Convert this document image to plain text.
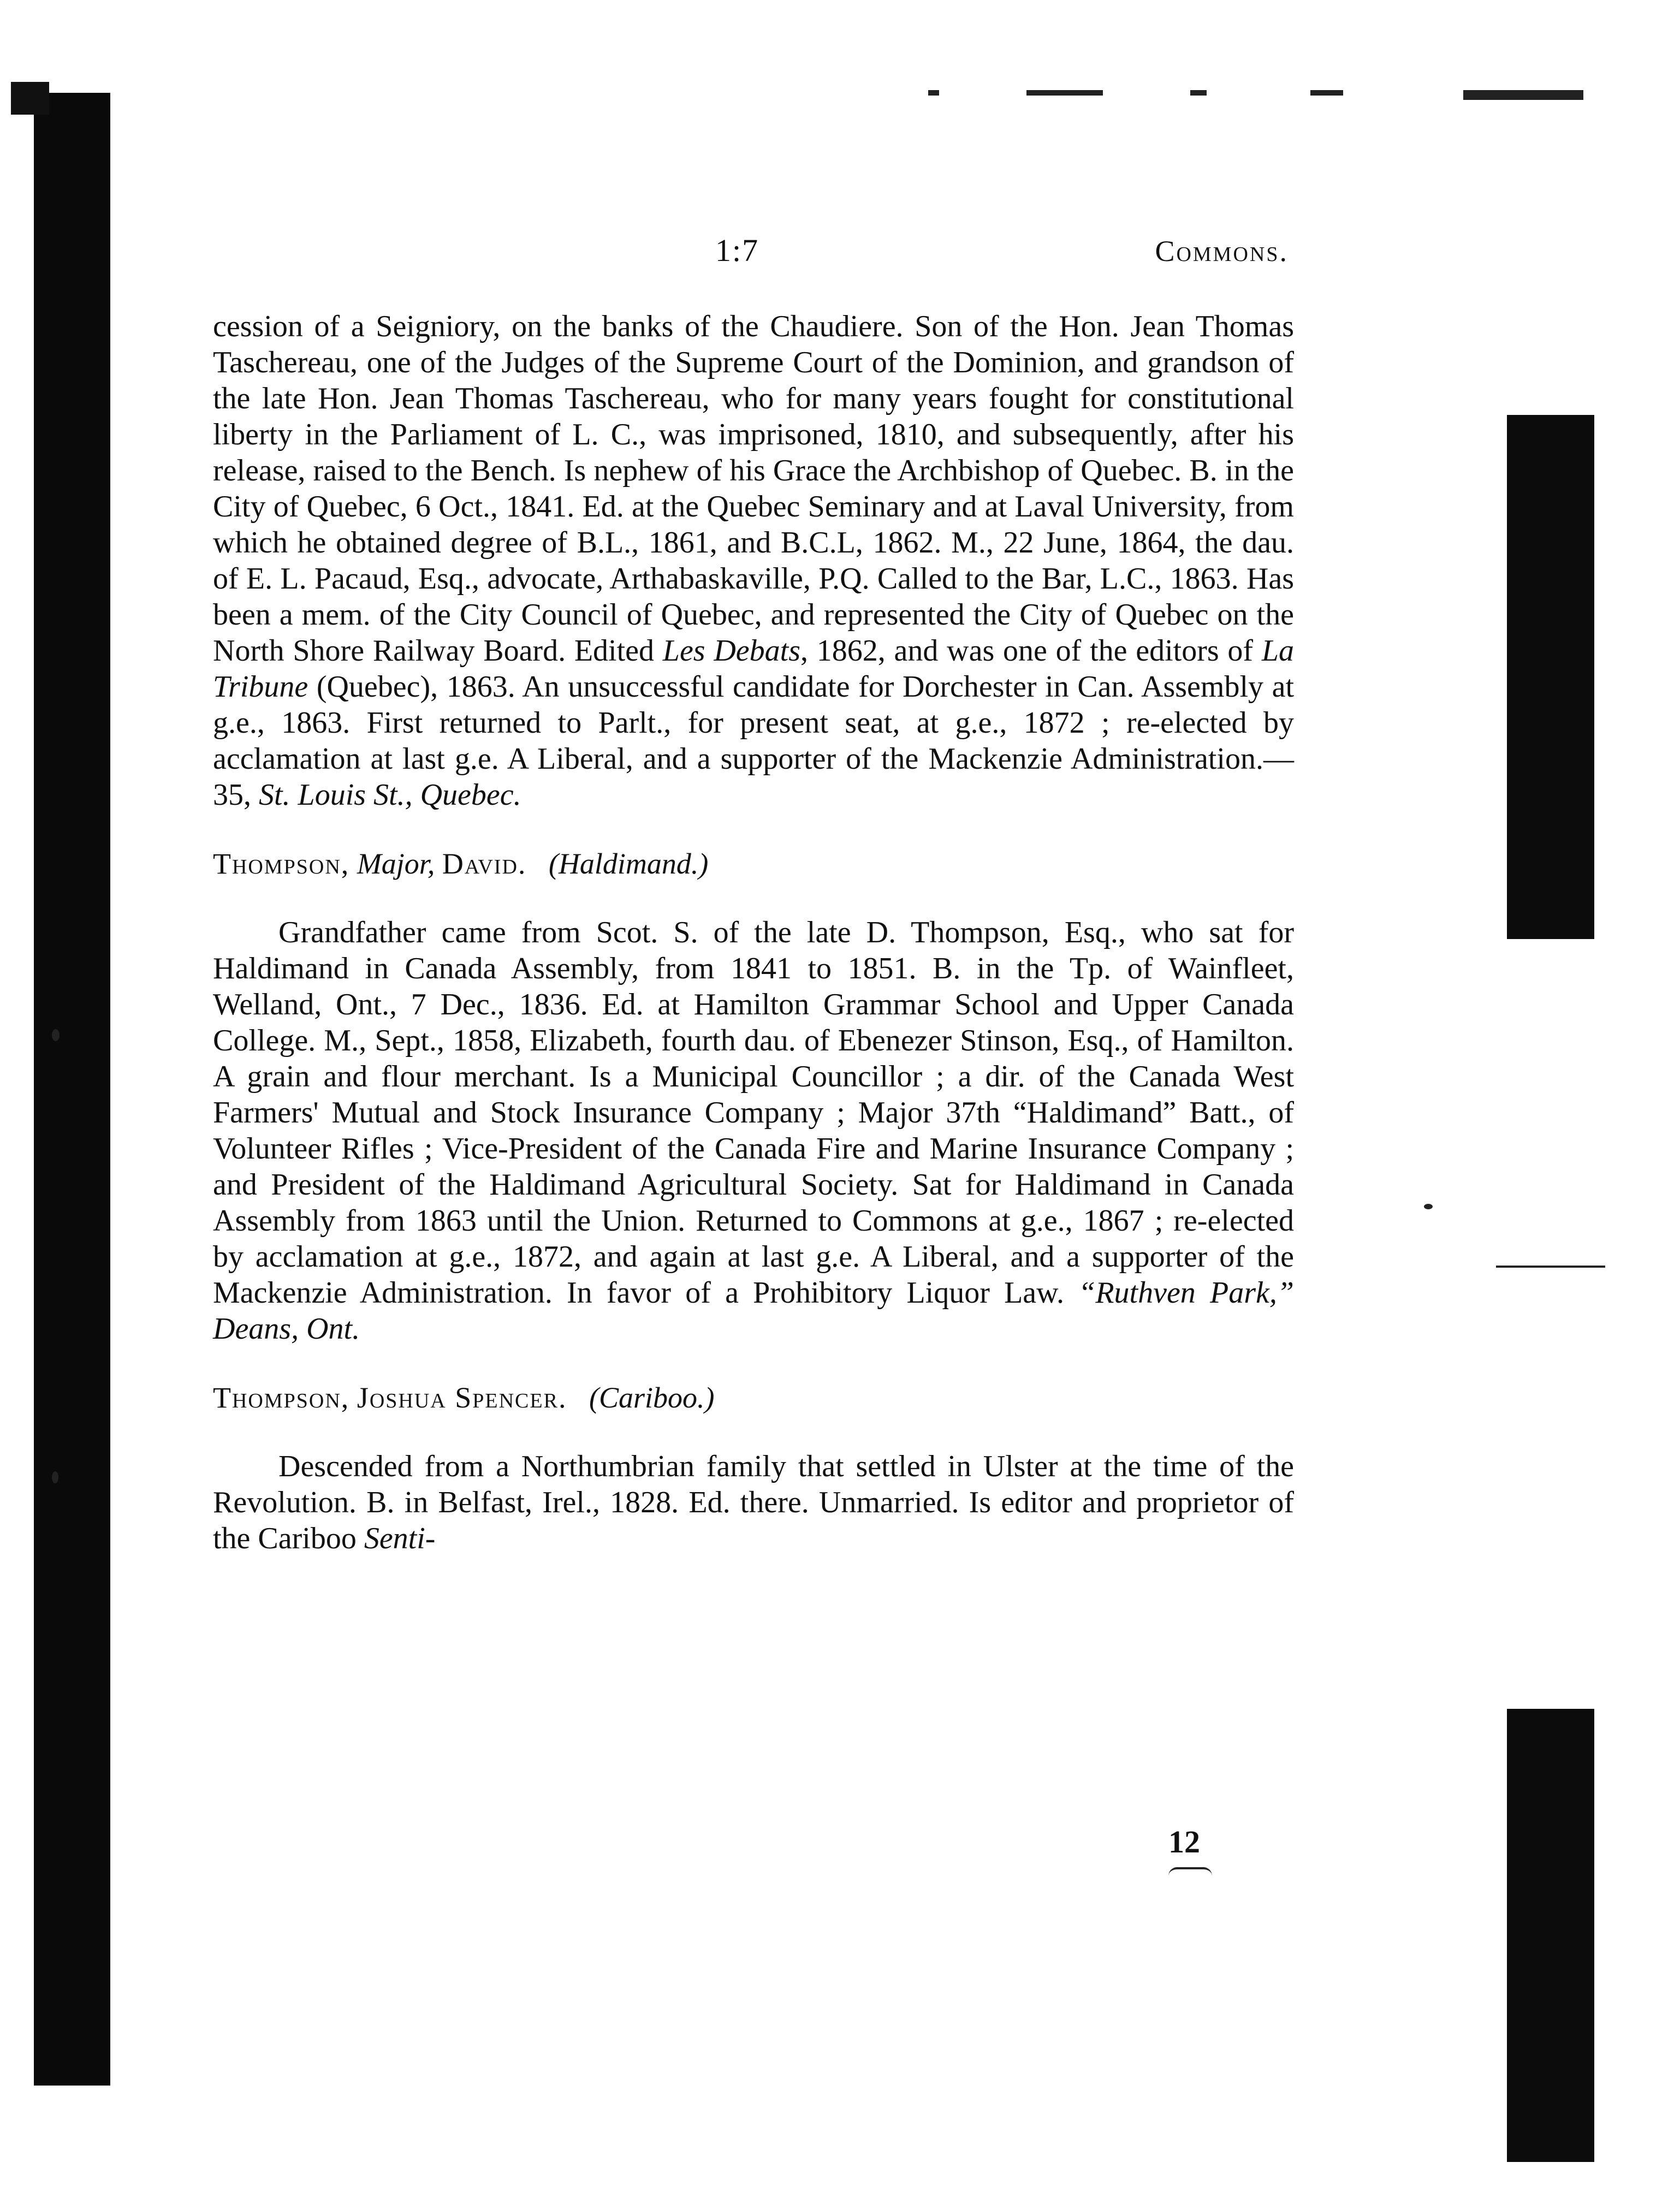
1:7	Commons.

cession of a Seigniory, on the banks of the Chaudiere. Son of the Hon. Jean Thomas Taschereau, one of the Judges of the Supreme Court of the Dominion, and grandson of the late Hon. Jean Thomas Taschereau, who for many years fought for constitutional liberty in the Parliament of L. C., was imprisoned, 1810, and subsequently, after his release, raised to the Bench. Is nephew of his Grace the Archbishop of Quebec. B. in the City of Quebec, 6 Oct., 1841. Ed. at the Quebec Seminary and at Laval University, from which he obtained degree of B.L., 1861, and B.C.L, 1862. M., 22 June, 1864, the dau. of E. L. Pacaud, Esq., advocate, Arthabaskaville, P.Q. Called to the Bar, L.C., 1863. Has been a mem. of the City Council of Quebec, and represented the City of Quebec on the North Shore Railway Board. Edited Les Debats, 1862, and was one of the editors of La Tribune (Quebec), 1863. An unsuccessful candidate for Dorchester in Can. Assembly at g.e., 1863. First returned to Parlt., for present seat, at g.e., 1872 ; re-elected by acclamation at last g.e. A Liberal, and a supporter of the Mackenzie Administration.—35, St. Louis St., Quebec.

Thompson, Major, David. (Haldimand.)

Grandfather came from Scot. S. of the late D. Thompson, Esq., who sat for Haldimand in Canada Assembly, from 1841 to 1851. B. in the Tp. of Wainfleet, Welland, Ont., 7 Dec., 1836. Ed. at Hamilton Grammar School and Upper Canada College. M., Sept., 1858, Elizabeth, fourth dau. of Ebenezer Stinson, Esq., of Hamilton. A grain and flour merchant. Is a Municipal Councillor ; a dir. of the Canada West Farmers' Mutual and Stock Insurance Company ; Major 37th “Haldimand” Batt., of Volunteer Rifles ; Vice-President of the Canada Fire and Marine Insurance Company ; and President of the Haldimand Agricultural Society. Sat for Haldimand in Canada Assembly from 1863 until the Union. Returned to Commons at g.e., 1867 ; re-elected by acclamation at g.e., 1872, and again at last g.e. A Liberal, and a supporter of the Mackenzie Administration. In favor of a Prohibitory Liquor Law. “Ruthven Park,” Deans, Ont.

Thompson, Joshua Spencer. (Cariboo.)

Descended from a Northumbrian family that settled in Ulster at the time of the Revolution. B. in Belfast, Irel., 1828. Ed. there. Unmarried. Is editor and proprietor of the Cariboo Senti-

12
